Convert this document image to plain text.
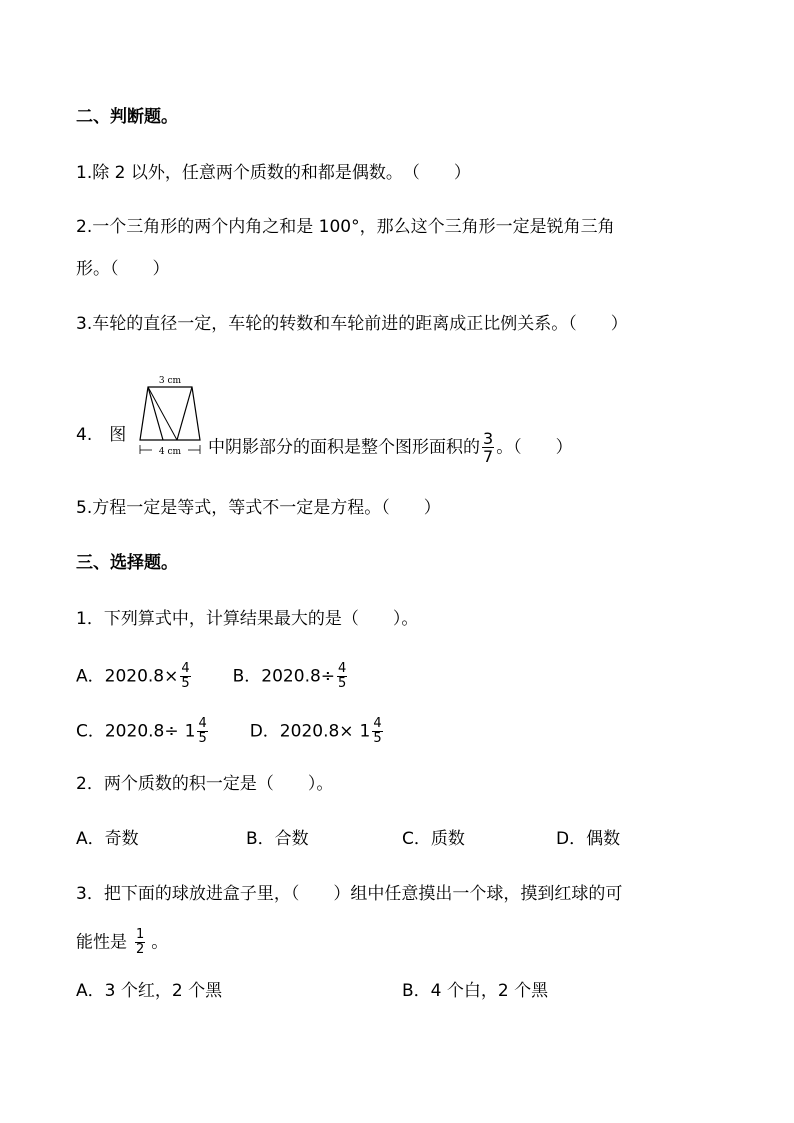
二、判断题。
1.除 2 以外，任意两个质数的和都是偶数。　（　　）
2.一个三角形的两个内角之和是 100°，那么这个三角形一定是锐角三角
形。（　　）
3.车轮的直径一定，车轮的转数和车轮前进的距离成正比例关系。（　　）
4.　图
3 cm
4 cm 中阴影部分的面积是整个图形面积的 $\frac{3}{7}$ 。（　　）
5.方程一定是等式，等式不一定是方程。（　　）
三、选择题。
1．下列算式中，计算结果最大的是（　　）。
A．$2020.8\times \frac{4}{5}$ B．$2020.8\div \frac{4}{5}$
C．$2020.8\div 1 \frac{4}{5}$ D．$2020.8\times 1 \frac{4}{5}$
2．两个质数的积一定是（　　）。
A．奇数	B．合数	C．质数	D．偶数
3．把下面的球放进盒子里，（　　）组中任意摸出一个球，摸到红球的可
能性是 $\frac{1}{2}$ 。
A．3 个红，2 个黑	B．4 个白，2 个黑
